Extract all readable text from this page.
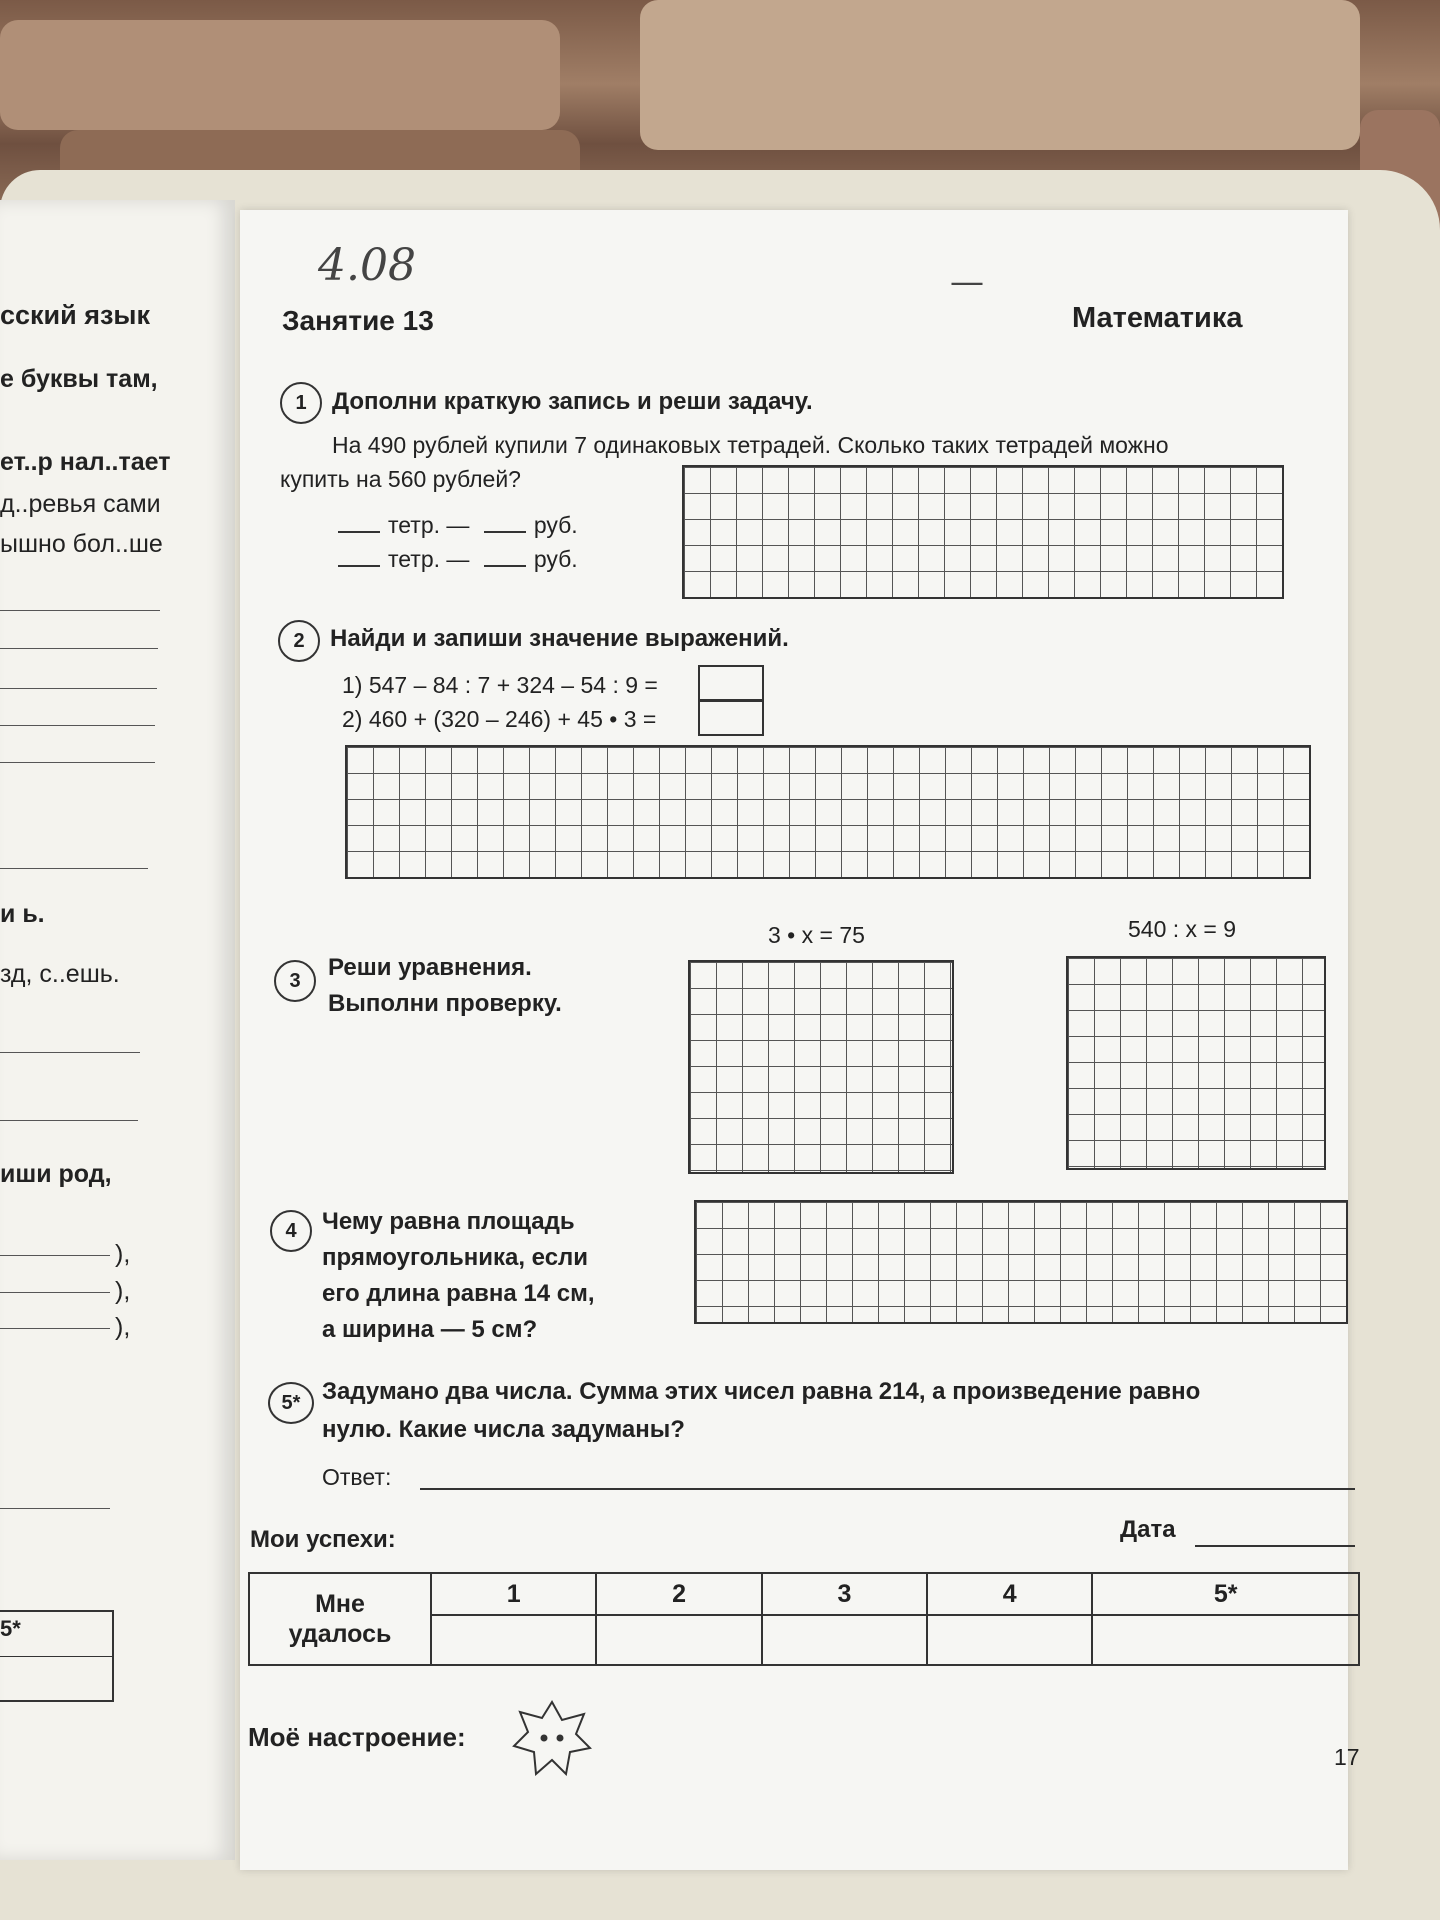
сский язык
е буквы там,
ет..р нал..тает
д..ревья сами
ышно бол..ше
и ь.
зд, с..ешь.
иши род,
),
),
),
5*
4.08	—
Занятие 13	Математика
1	Дополни краткую запись и реши задачу.
На 490 рублей купили 7 одинаковых тетрадей. Сколько таких тетрадей можно
купить на 560 рублей?
тетр. —	руб.
тетр. —	руб.
2	Найди и запиши значение выражений.
1) 547 – 84 : 7 + 324 – 54 : 9 =
2) 460 + (320 – 246) + 45 • 3 =
3 • x = 75	540 : x = 9
3	Реши уравнения.
Выполни проверку.
4	Чему равна площадь
прямоугольника, если
его длина равна 14 см,
а ширина — 5 см?
5* Задумано два числа. Сумма этих чисел равна 214, а произведение равно
нулю. Какие числа задуманы?
Ответ:
Мои успехи:	Дата
Мне
удалось	1	2	3	4	5*

Моё настроение:
17
